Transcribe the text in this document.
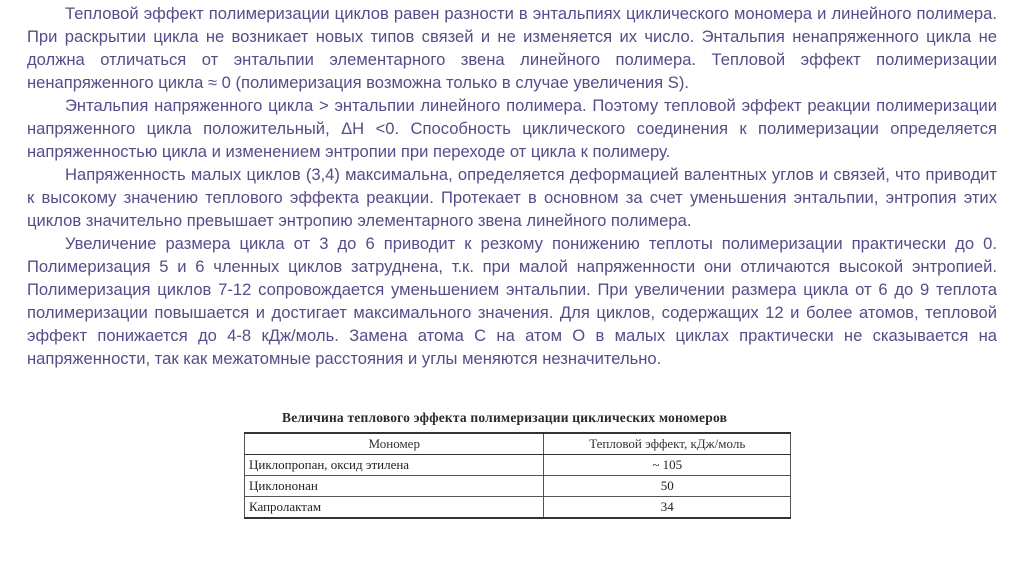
Тепловой эффект полимеризации циклов равен разности в энтальпиях циклического мономера и линейного полимера. При раскрытии цикла не возникает новых типов связей и не изменяется их число. Энтальпия ненапряженного цикла не должна отличаться от энтальпии элементарного звена линейного полимера. Тепловой эффект полимеризации ненапряженного цикла ≈ 0 (полимеризация возможна только в случае увеличения S).

Энтальпия напряженного цикла > энтальпии линейного полимера. Поэтому тепловой эффект реакции полимеризации напряженного цикла положительный, ΔH <0. Способность циклического соединения к полимеризации определяется напряженностью цикла и изменением энтропии при переходе от цикла к полимеру.

Напряженность малых циклов (3,4) максимальна, определяется деформацией валентных углов и связей, что приводит к высокому значению теплового эффекта реакции. Протекает в основном за счет уменьшения энтальпии, энтропия этих циклов значительно превышает энтропию элементарного звена линейного полимера.

Увеличение размера цикла от 3 до 6 приводит к резкому понижению теплоты полимеризации практически до 0. Полимеризация 5 и 6 членных циклов затруднена, т.к. при малой напряженности они отличаются высокой энтропией. Полимеризация циклов 7-12 сопровождается уменьшением энтальпии. При увеличении размера цикла от 6 до 9 теплота полимеризации повышается и достигает максимального значения. Для циклов, содержащих 12 и более атомов, тепловой эффект понижается до 4-8 кДж/моль. Замена атома С на атом О в малых циклах практически не сказывается на напряженности, так как межатомные расстояния и углы меняются незначительно.

Величина теплового эффекта полимеризации циклических мономеров
Мономер	Тепловой эффект, кДж/моль
Циклопропан, оксид этилена	~ 105
Циклононан	50
Капролактам	34
